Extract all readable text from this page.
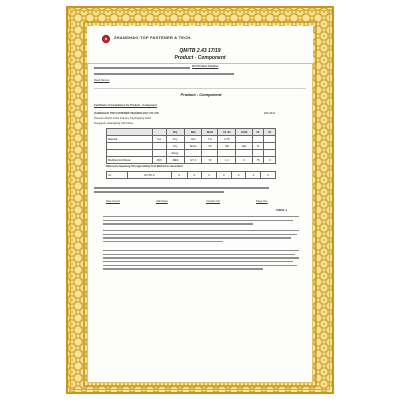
ZHANGHAO TOP FASTENER & TECH.
QM/TB 2.43 17/19
Product - Component
ID 3 Product Solution
Read Review
Product - Component
Certificate of Compliance for Product - Component
ZHANGHAO TOP FASTENER TECHNOLOGY CO LTD	E68 3944
Doumen district Anhui Industry Cityzhejiang Anhui
Dongguan Guangdong 440 China
		Dry	Wet	Mold	UL 94	UL94	UL	UL
Material	Ind.	Dry	Ash	T.G	0.75			
		Dry	Sheet	V0	HB	Hde	R	
		Elong.						
Modified Acid Resin	PA6	-MEC	HY 4	T2	1 1	0	75	0
Reference Spearing Through Ability Test Method as described
UL	HV 6% 0	S	0	0	0	0	2	0
Date Issued	Valid Date	Contact Info	Page One
ZHNOL-1
